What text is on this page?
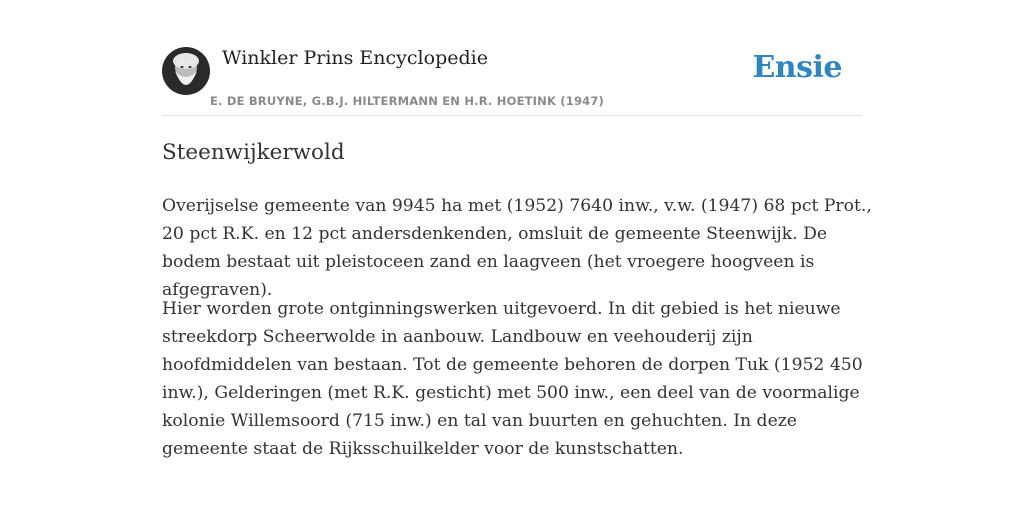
Winkler Prins Encyclopedie
E. DE BRUYNE, G.B.J. HILTERMANN EN H.R. HOETINK (1947)
Ensie
Steenwijkerwold

Overijselse gemeente van 9945 ha met (1952) 7640 inw., v.w. (1947) 68 pct Prot., 20 pct R.K. en 12 pct andersdenkenden, omsluit de gemeente Steenwijk. De bodem bestaat uit pleistoceen zand en laagveen (het vroegere hoogveen is afgegraven).

Hier worden grote ontginningswerken uitgevoerd. In dit gebied is het nieuwe streekdorp Scheerwolde in aanbouw. Landbouw en veehouderij zijn hoofdmiddelen van bestaan. Tot de gemeente behoren de dorpen Tuk (1952 450 inw.), Gelderingen (met R.K. gesticht) met 500 inw., een deel van de voormalige kolonie Willemsoord (715 inw.) en tal van buurten en gehuchten. In deze gemeente staat de Rijksschuilkelder voor de kunstschatten.
